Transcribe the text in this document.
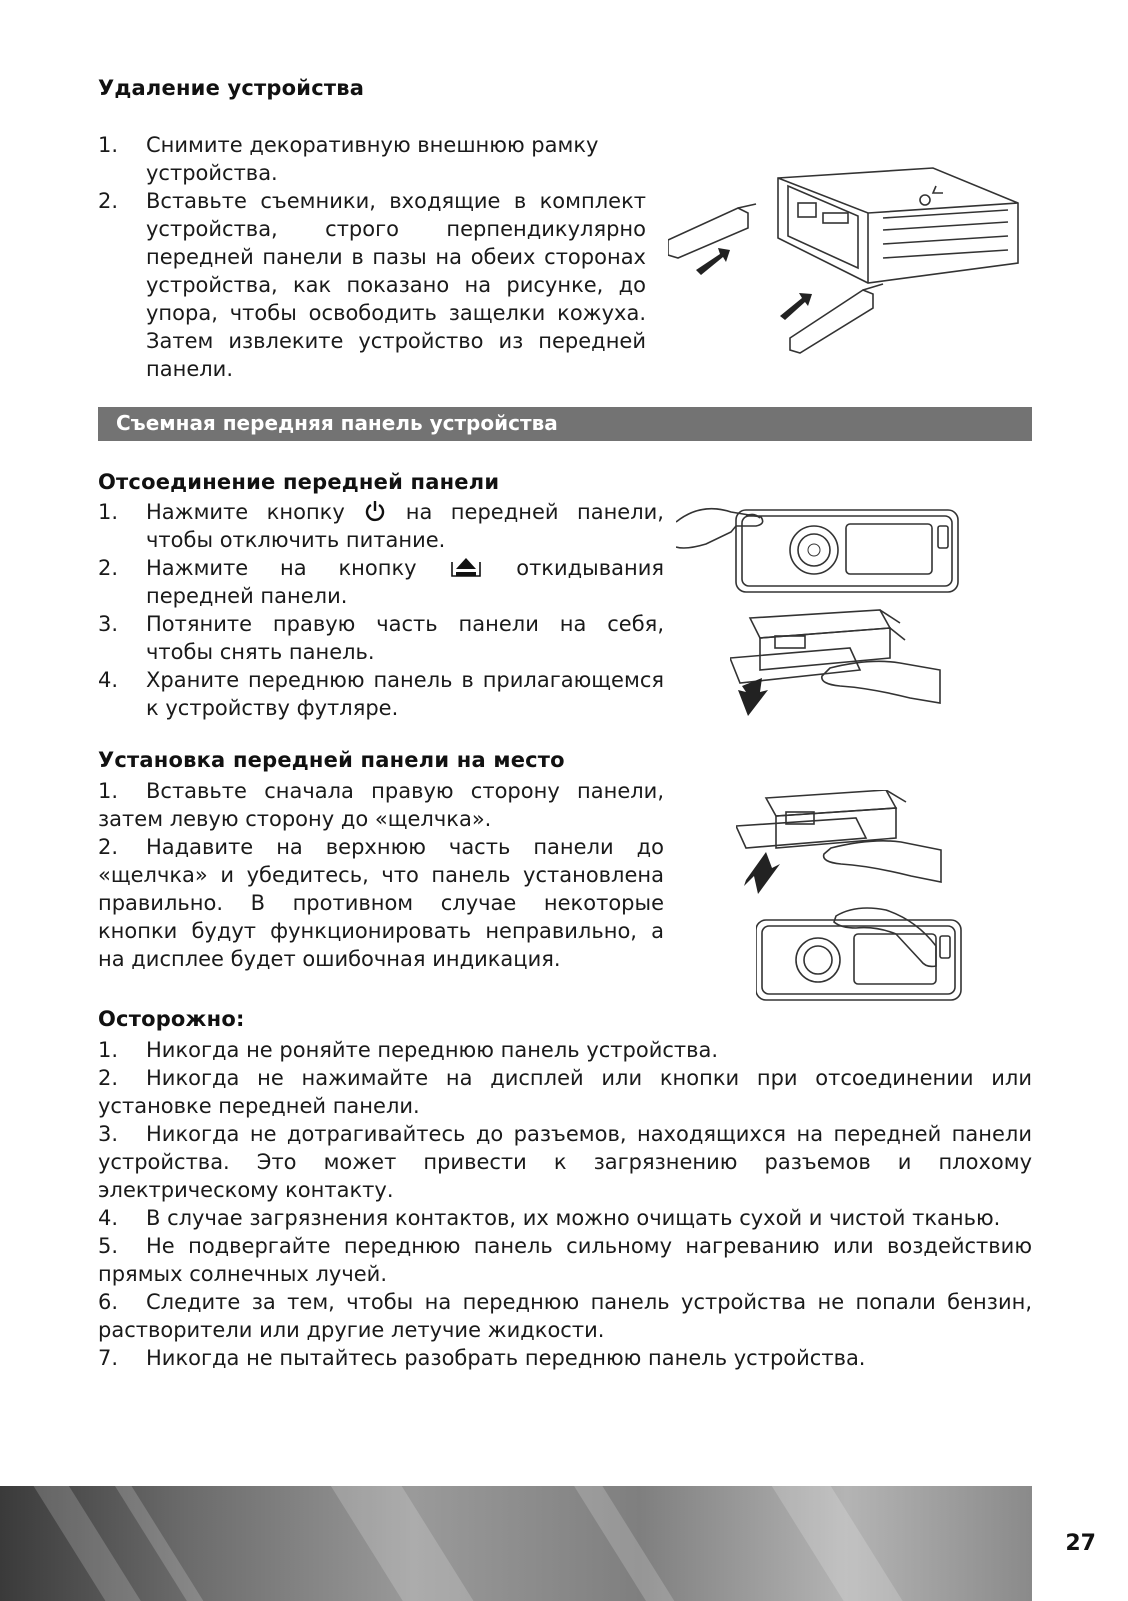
Удаление устройства
1.	Снимите декоративную внешнюю рамку устройства.
2.	Вставьте съемники, входящие в комплект устройства, строго перпендикулярно передней панели в пазы на обеих сторонах устройства, как показано на рисунке, до упора, чтобы освободить защелки кожуха. Затем извлеките устройство из передней панели.
Съемная передняя панель устройства
Отсоединение передней панели
1.	Нажмите кнопку	на передней панели, чтобы отключить питание.
2.	Нажмите на кнопку	откидывания передней панели.
3.	Потяните правую часть панели на себя, чтобы снять панель.
4.	Храните переднюю панель в прилагающемся к устройству футляре.
Установка передней панели на место
1. Вставьте сначала правую сторону панели, затем левую сторону до «щелчка».
2. Надавите на верхнюю часть панели до «щелчка» и убедитесь, что панель установлена правильно. В противном случае некоторые кнопки будут функционировать неправильно, а на дисплее будет ошибочная индикация.
Осторожно:
1. Никогда не роняйте переднюю панель устройства.
2. Никогда не нажимайте на дисплей или кнопки при отсоединении или установке передней панели.
3. Никогда не дотрагивайтесь до разъемов, находящихся на передней панели устройства. Это может привести к загрязнению разъемов и плохому электрическому контакту.
4. В случае загрязнения контактов, их можно очищать сухой и чистой тканью.
5. Не подвергайте переднюю панель сильному нагреванию или воздействию прямых солнечных лучей.
6. Следите за тем, чтобы на переднюю панель устройства не попали бензин, растворители или другие летучие жидкости.
7. Никогда не пытайтесь разобрать переднюю панель устройства.
27
